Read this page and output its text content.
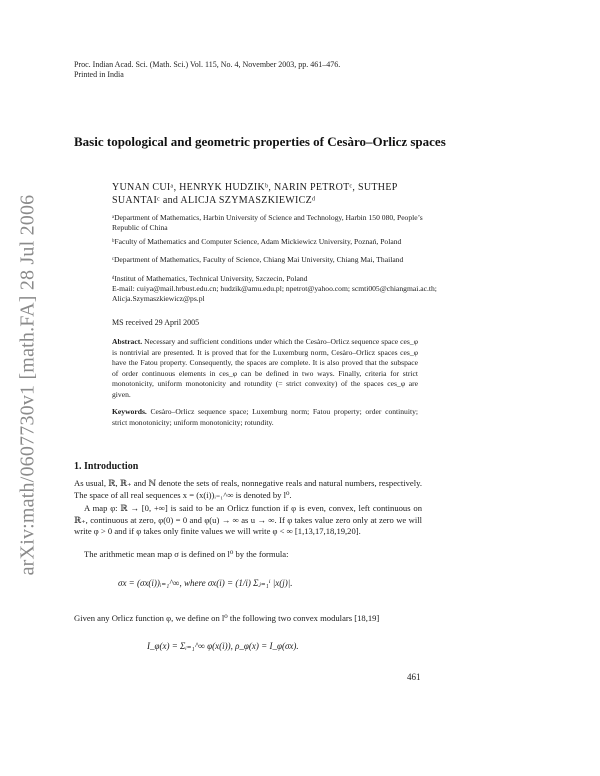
arXiv:math/0607730v1 [math.FA] 28 Jul 2006
Proc. Indian Acad. Sci. (Math. Sci.) Vol. 115, No. 4, November 2003, pp. 461–476.
Printed in India
Basic topological and geometric properties of Cesàro–Orlicz spaces
YUNAN CUIᵃ, HENRYK HUDZIKᵇ, NARIN PETROTᶜ, SUTHEP SUANTAIᶜ and ALICJA SZYMASZKIEWICZᵈ
ᵃDepartment of Mathematics, Harbin University of Science and Technology, Harbin 150 080, People’s Republic of China
ᵇFaculty of Mathematics and Computer Science, Adam Mickiewicz University, Poznań, Poland
ᶜDepartment of Mathematics, Faculty of Science, Chiang Mai University, Chiang Mai, Thailand
ᵈInstitut of Mathematics, Technical University, Szczecin, Poland
E-mail: cuiya@mail.hrbust.edu.cn; hudzik@amu.edu.pl; npetrot@yahoo.com; scmti005@chiangmai.ac.th; Alicja.Szymaszkiewicz@ps.pl
MS received 29 April 2005
Abstract. Necessary and sufficient conditions under which the Cesàro–Orlicz sequence space ces_φ is nontrivial are presented. It is proved that for the Luxemburg norm, Cesàro–Orlicz spaces ces_φ have the Fatou property. Consequently, the spaces are complete. It is also proved that the subspace of order continuous elements in ces_φ can be defined in two ways. Finally, criteria for strict monotonicity, uniform monotonicity and rotundity (= strict convexity) of the spaces ces_φ are given.
Keywords. Cesàro–Orlicz sequence space; Luxemburg norm; Fatou property; order continuity; strict monotonicity; uniform monotonicity; rotundity.
1. Introduction
As usual, ℝ, ℝ₊ and ℕ denote the sets of reals, nonnegative reals and natural numbers, respectively. The space of all real sequences x = (x(i))ᵢ₌₁^∞ is denoted by l⁰.
A map φ: ℝ → [0, +∞] is said to be an Orlicz function if φ is even, convex, left continuous on ℝ₊, continuous at zero, φ(0) = 0 and φ(u) → ∞ as u → ∞. If φ takes value zero only at zero we will write φ > 0 and if φ takes only finite values we will write φ < ∞ [1,13,17,18,19,20].
The arithmetic mean map σ is defined on l⁰ by the formula:
σx = (σx(i))ᵢ₌₁^∞, where σx(i) = (1/i) Σⱼ₌₁ⁱ |x(j)|.
Given any Orlicz function φ, we define on l⁰ the following two convex modulars [18,19]
I_φ(x) = Σᵢ₌₁^∞ φ(x(i)), ρ_φ(x) = I_φ(σx).
461
